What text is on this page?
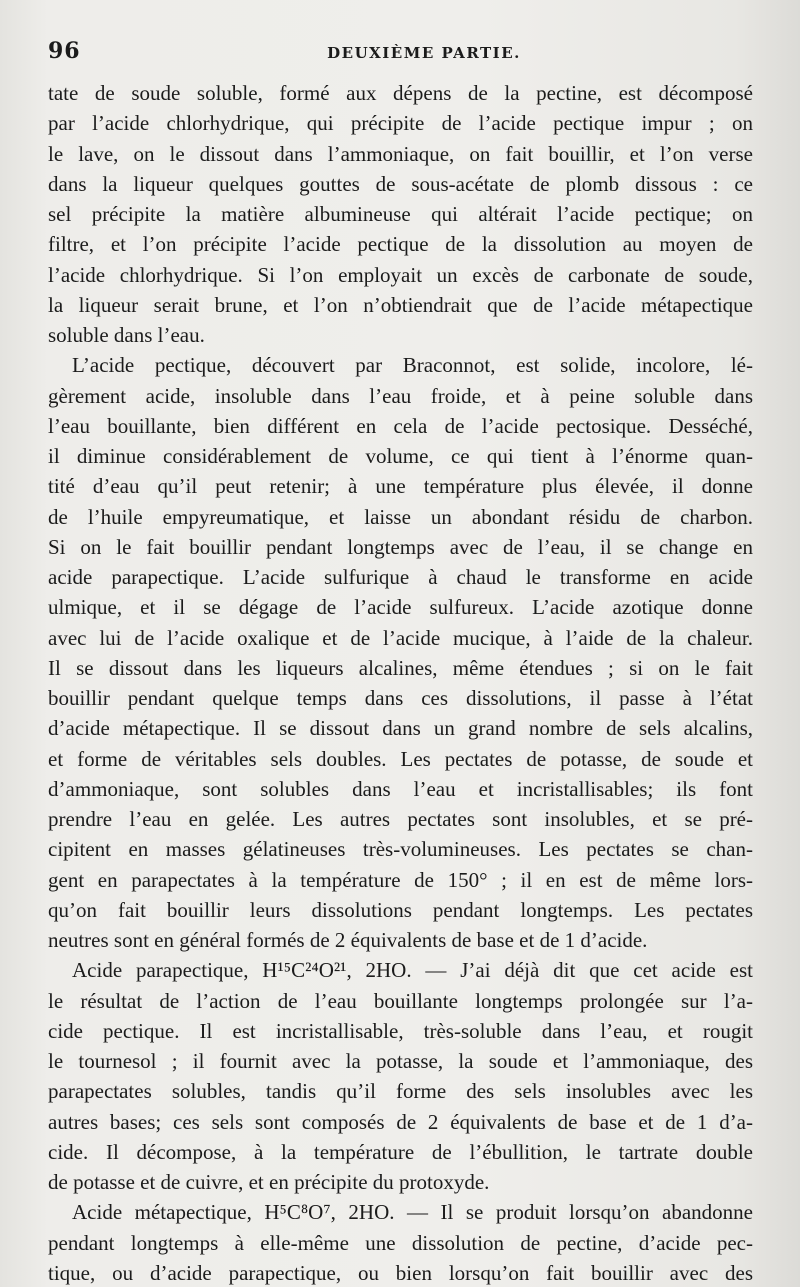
96	DEUXIÈME PARTIE.

tate de soude soluble, formé aux dépens de la pectine, est décomposé
par l’acide chlorhydrique, qui précipite de l’acide pectique impur ; on
le lave, on le dissout dans l’ammoniaque, on fait bouillir, et l’on verse
dans la liqueur quelques gouttes de sous-acétate de plomb dissous : ce
sel précipite la matière albumineuse qui altérait l’acide pectique; on
filtre, et l’on précipite l’acide pectique de la dissolution au moyen de
l’acide chlorhydrique. Si l’on employait un excès de carbonate de soude,
la liqueur serait brune, et l’on n’obtiendrait que de l’acide métapectique
soluble dans l’eau.

L’acide pectique, découvert par Braconnot, est solide, incolore, lé-
gèrement acide, insoluble dans l’eau froide, et à peine soluble dans
l’eau bouillante, bien différent en cela de l’acide pectosique. Desséché,
il diminue considérablement de volume, ce qui tient à l’énorme quan-
tité d’eau qu’il peut retenir; à une température plus élevée, il donne
de l’huile empyreumatique, et laisse un abondant résidu de charbon.
Si on le fait bouillir pendant longtemps avec de l’eau, il se change en
acide parapectique. L’acide sulfurique à chaud le transforme en acide
ulmique, et il se dégage de l’acide sulfureux. L’acide azotique donne
avec lui de l’acide oxalique et de l’acide mucique, à l’aide de la chaleur.
Il se dissout dans les liqueurs alcalines, même étendues ; si on le fait
bouillir pendant quelque temps dans ces dissolutions, il passe à l’état
d’acide métapectique. Il se dissout dans un grand nombre de sels alcalins,
et forme de véritables sels doubles. Les pectates de potasse, de soude et
d’ammoniaque, sont solubles dans l’eau et incristallisables; ils font
prendre l’eau en gelée. Les autres pectates sont insolubles, et se pré-
cipitent en masses gélatineuses très-volumineuses. Les pectates se chan-
gent en parapectates à la température de 150° ; il en est de même lors-
qu’on fait bouillir leurs dissolutions pendant longtemps. Les pectates
neutres sont en général formés de 2 équivalents de base et de 1 d’acide.

Acide parapectique, H¹⁵C²⁴O²¹, 2HO. — J’ai déjà dit que cet acide est
le résultat de l’action de l’eau bouillante longtemps prolongée sur l’a-
cide pectique. Il est incristallisable, très-soluble dans l’eau, et rougit
le tournesol ; il fournit avec la potasse, la soude et l’ammoniaque, des
parapectates solubles, tandis qu’il forme des sels insolubles avec les
autres bases; ces sels sont composés de 2 équivalents de base et de 1 d’a-
cide. Il décompose, à la température de l’ébullition, le tartrate double
de potasse et de cuivre, et en précipite du protoxyde.

Acide métapectique, H⁵C⁸O⁷, 2HO. — Il se produit lorsqu’on abandonne
pendant longtemps à elle-même une dissolution de pectine, d’acide pec-
tique, ou d’acide parapectique, ou bien lorsqu’on fait bouillir avec des
